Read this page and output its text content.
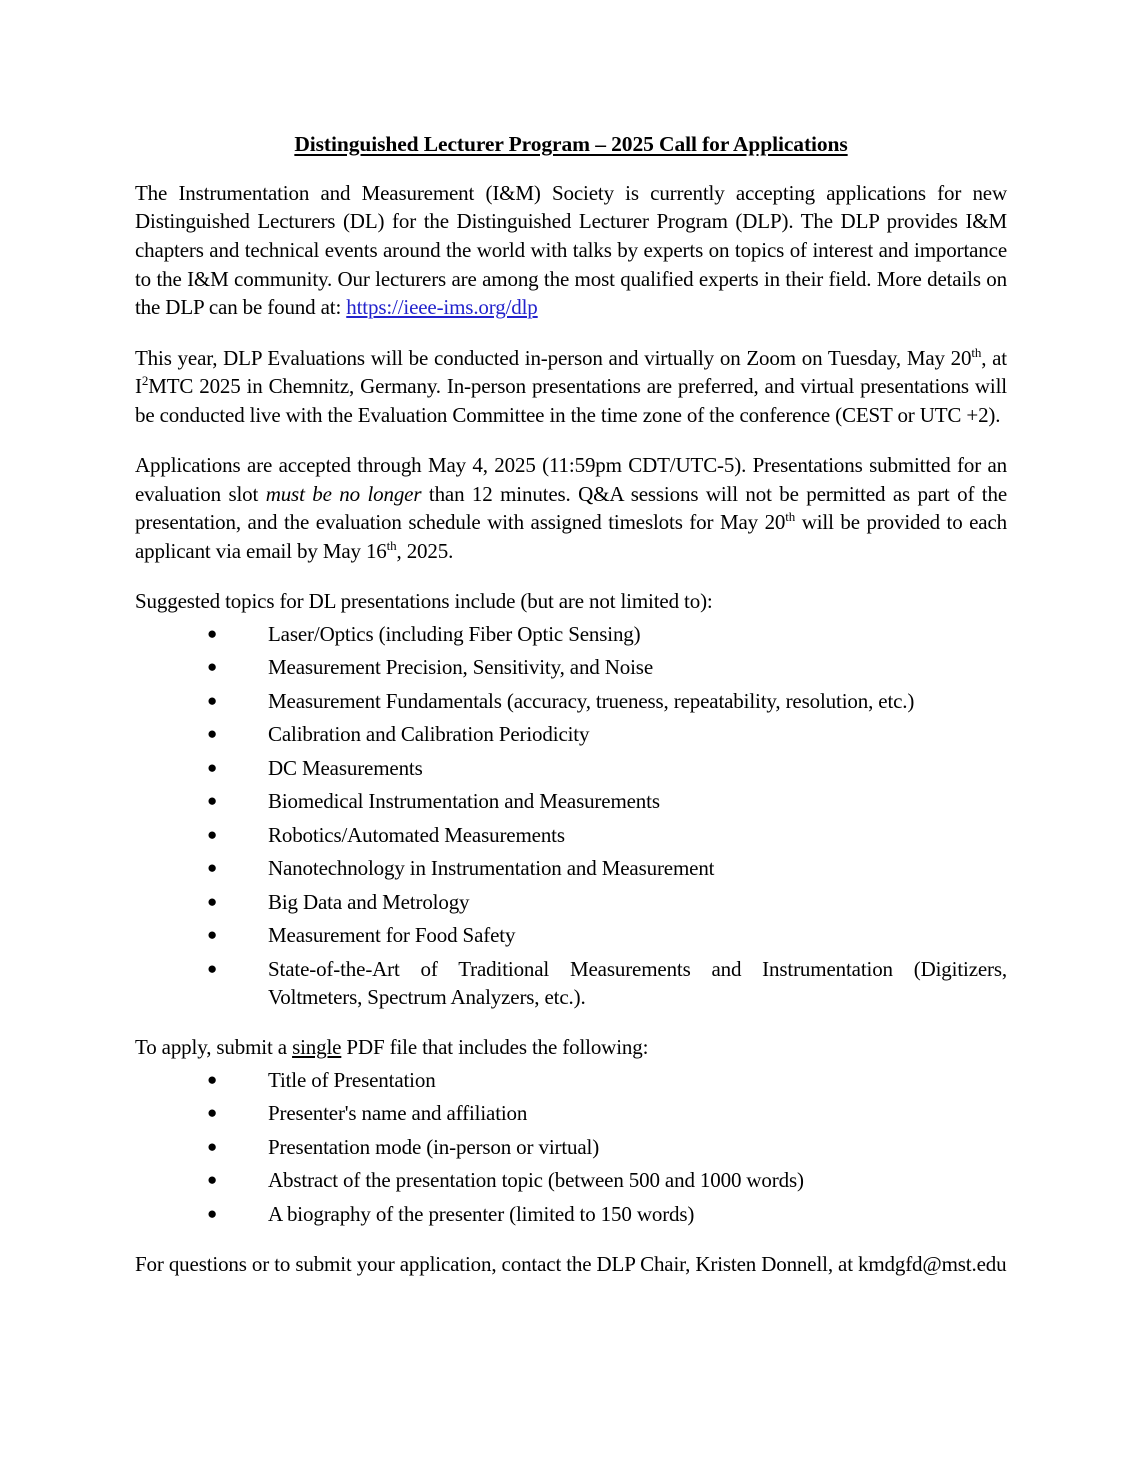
Distinguished Lecturer Program – 2025 Call for Applications

The Instrumentation and Measurement (I&M) Society is currently accepting applications for new Distinguished Lecturers (DL) for the Distinguished Lecturer Program (DLP). The DLP provides I&M chapters and technical events around the world with talks by experts on topics of interest and importance to the I&M community. Our lecturers are among the most qualified experts in their field. More details on the DLP can be found at: https://ieee-ims.org/dlp

This year, DLP Evaluations will be conducted in-person and virtually on Zoom on Tuesday, May 20th, at $I^2MTC$ 2025 in Chemnitz, Germany. In-person presentations are preferred, and virtual presentations will be conducted live with the Evaluation Committee in the time zone of the conference (CEST or UTC +2).

Applications are accepted through May 4, 2025 (11:59pm CDT/UTC-5). Presentations submitted for an evaluation slot must be no longer than 12 minutes. Q&A sessions will not be permitted as part of the presentation, and the evaluation schedule with assigned timeslots for May 20th will be provided to each applicant via email by May 16th, 2025.

Suggested topics for DL presentations include (but are not limited to):

● Laser/Optics (including Fiber Optic Sensing)
● Measurement Precision, Sensitivity, and Noise
● Measurement Fundamentals (accuracy, trueness, repeatability, resolution, etc.)
● Calibration and Calibration Periodicity
● DC Measurements
● Biomedical Instrumentation and Measurements
● Robotics/Automated Measurements
● Nanotechnology in Instrumentation and Measurement
● Big Data and Metrology
● Measurement for Food Safety
● State-of-the-Art of Traditional Measurements and Instrumentation (Digitizers, Voltmeters, Spectrum Analyzers, etc.).

To apply, submit a single PDF file that includes the following:

● Title of Presentation
● Presenter's name and affiliation
● Presentation mode (in-person or virtual)
● Abstract of the presentation topic (between 500 and 1000 words)
● A biography of the presenter (limited to 150 words)

For questions or to submit your application, contact the DLP Chair, Kristen Donnell, at kmdgfd@mst.edu
